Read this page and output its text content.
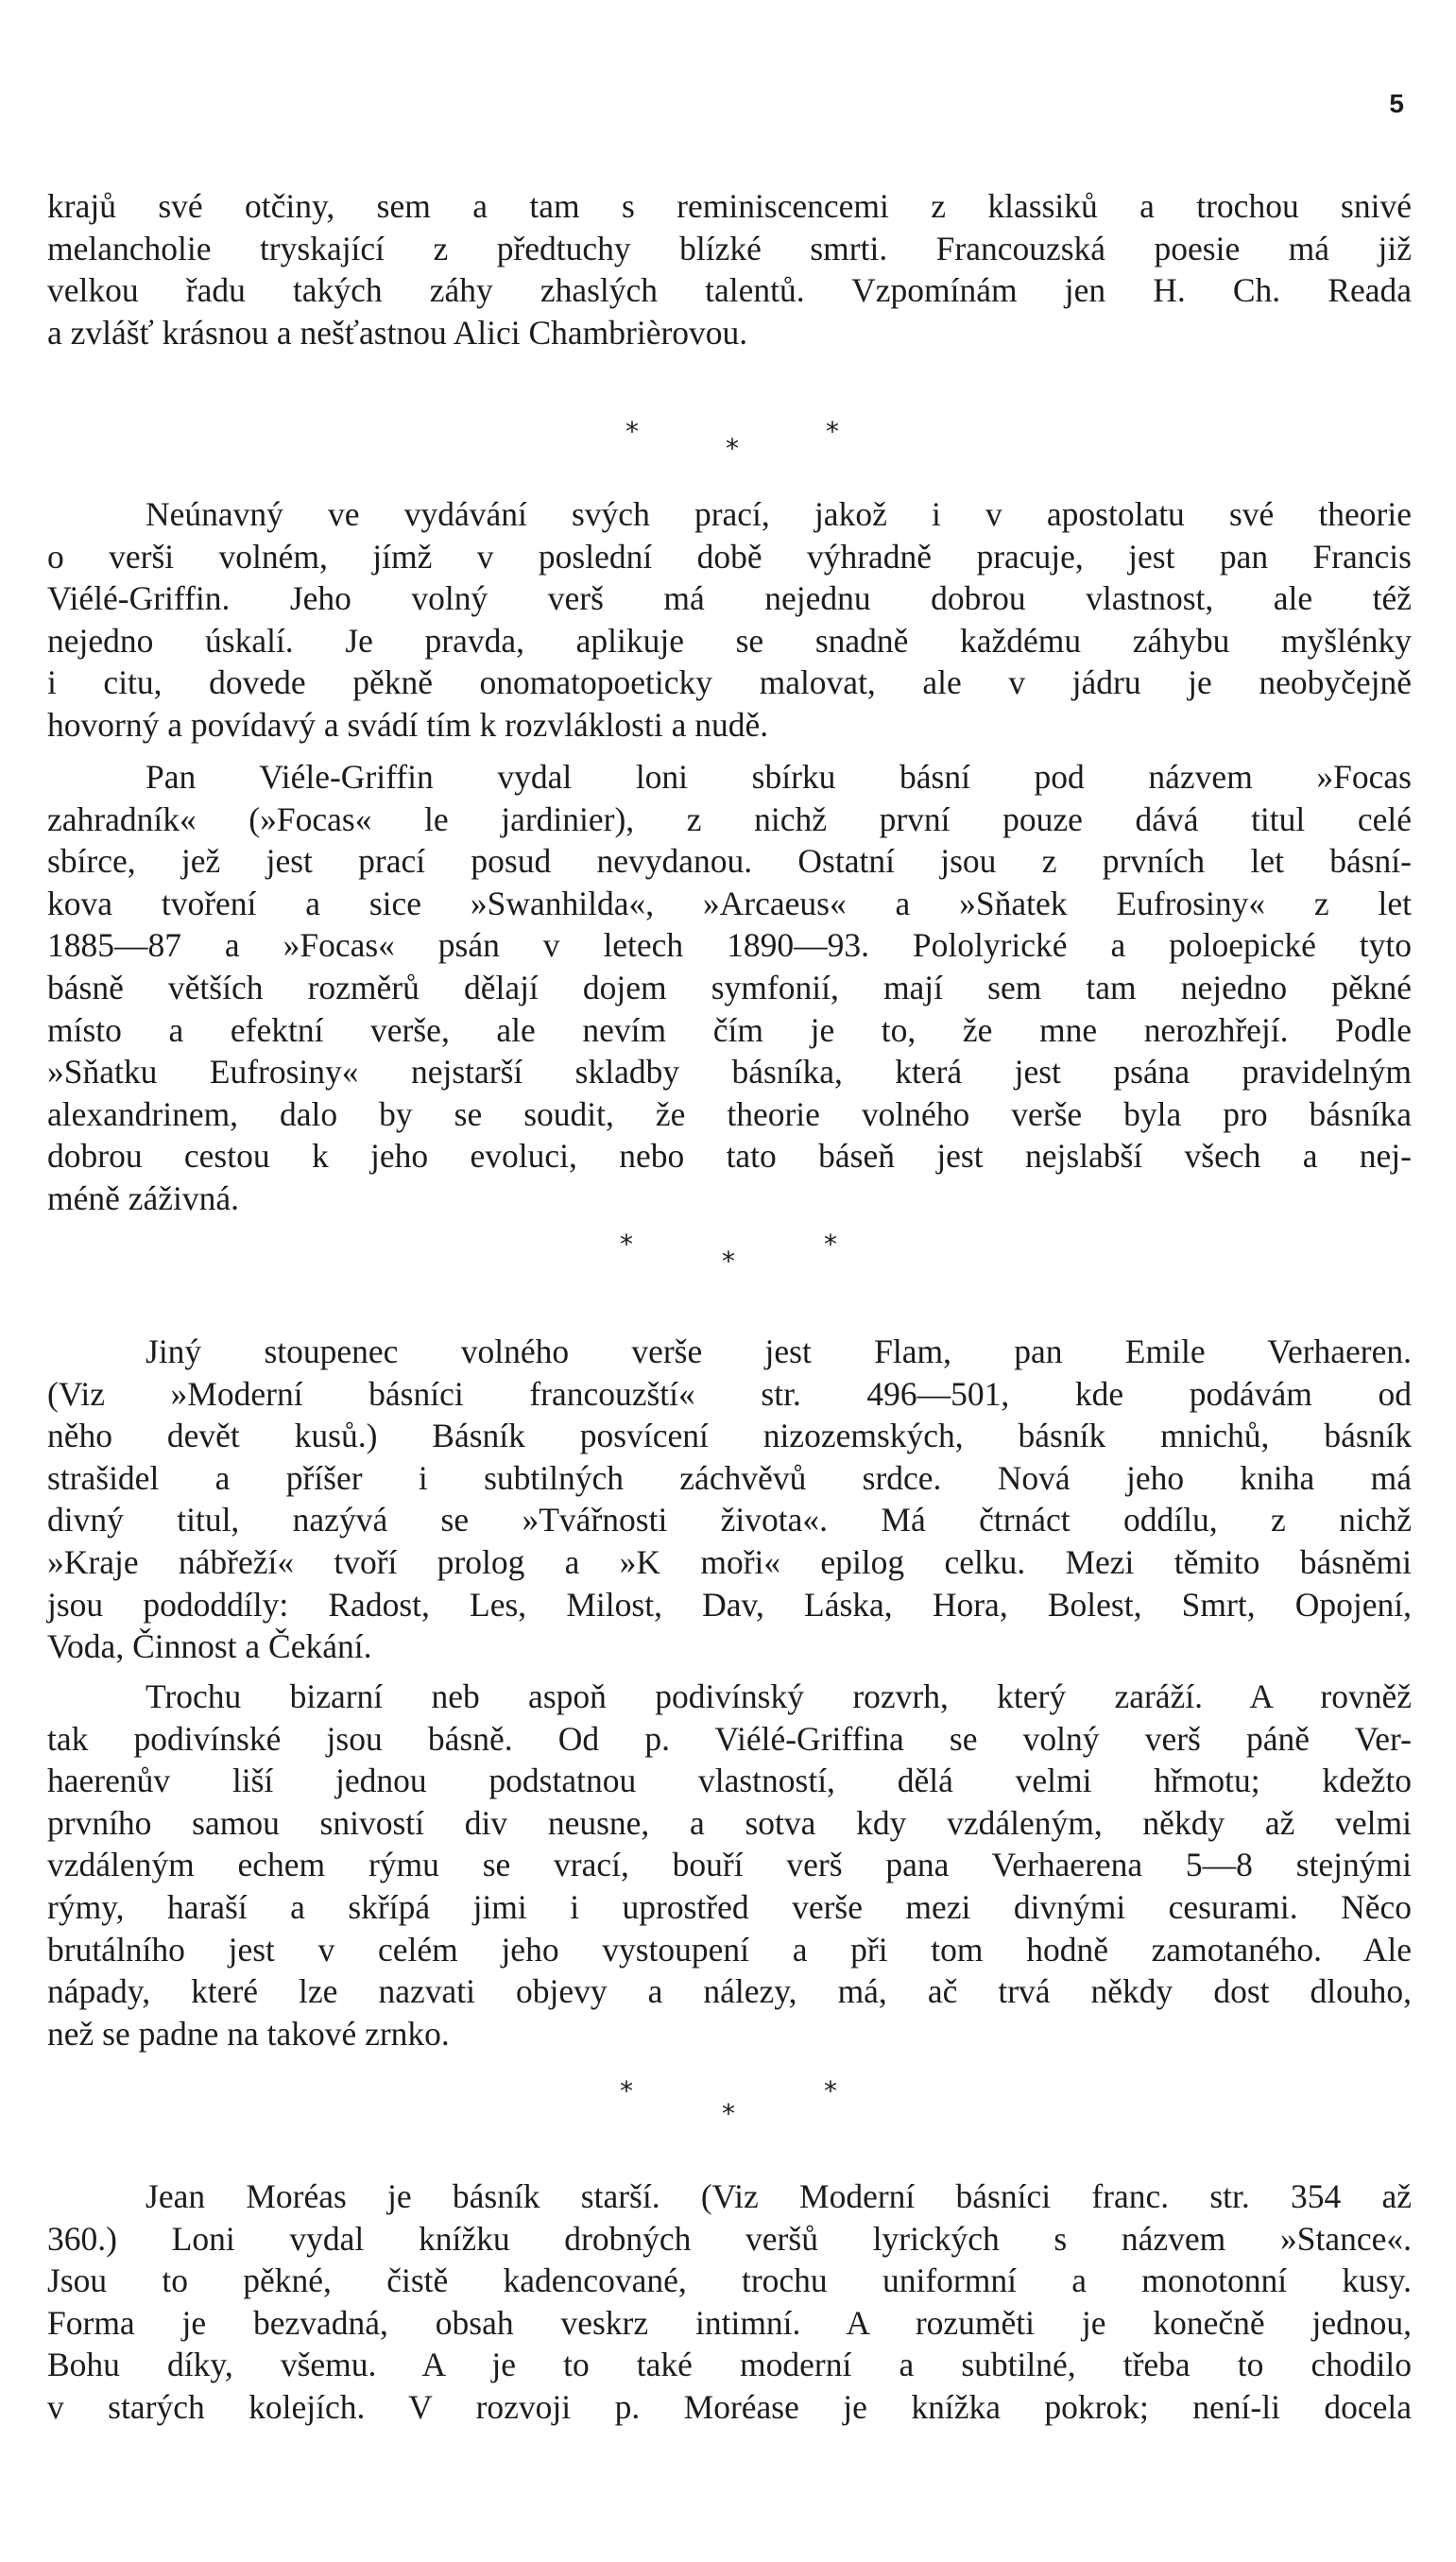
5
krajů své otčiny, sem a tam s reminiscencemi z klassiků a trochou snivé
melancholie tryskající z předtuchy blízké smrti. Francouzská poesie má již
velkou řadu takých záhy zhaslých talentů. Vzpomínám jen H. Ch. Reada
a zvlášť krásnou a nešťastnou Alici Chambrièrovou.
*
*
*
Neúnavný ve vydávání svých prací, jakož i v apostolatu své theorie
o verši volném, jímž v poslední době výhradně pracuje, jest pan Francis
Viélé-Griffin. Jeho volný verš má nejednu dobrou vlastnost, ale též
nejedno úskalí. Je pravda, aplikuje se snadně každému záhybu myšlénky
i citu, dovede pěkně onomatopoeticky malovat, ale v jádru je neobyčejně
hovorný a povídavý a svádí tím k rozvláklosti a nudě.
Pan Viéle-Griffin vydal loni sbírku básní pod názvem »Focas
zahradník« (»Focas« le jardinier), z nichž první pouze dává titul celé
sbírce, jež jest prací posud nevydanou. Ostatní jsou z prvních let básní-
kova tvoření a sice »Swanhilda«, »Arcaeus« a »Sňatek Eufrosiny« z let
1885—87 a »Focas« psán v letech 1890—93. Pololyrické a poloepické tyto
básně větších rozměrů dělají dojem symfonií, mají sem tam nejedno pěkné
místo a efektní verše, ale nevím čím je to, že mne nerozhřejí. Podle
»Sňatku Eufrosiny« nejstarší skladby básníka, která jest psána pravidelným
alexandrinem, dalo by se soudit, že theorie volného verše byla pro básníka
dobrou cestou k jeho evoluci, nebo tato báseň jest nejslabší všech a nej-
méně záživná.
*
*
*
Jiný stoupenec volného verše jest Flam, pan Emile Verhaeren.
(Viz »Moderní básníci francouzští« str. 496—501, kde podávám od
něho devět kusů.) Básník posvícení nizozemských, básník mnichů, básník
strašidel a příšer i subtilných záchvěvů srdce. Nová jeho kniha má
divný titul, nazývá se »Tvářnosti života«. Má čtrnáct oddílu, z nichž
»Kraje nábřeží« tvoří prolog a »K moři« epilog celku. Mezi těmito básněmi
jsou pododdíly: Radost, Les, Milost, Dav, Láska, Hora, Bolest, Smrt, Opojení,
Voda, Činnost a Čekání.
Trochu bizarní neb aspoň podivínský rozvrh, který zaráží. A rovněž
tak podivínské jsou básně. Od p. Viélé-Griffina se volný verš páně Ver-
haerenův liší jednou podstatnou vlastností, dělá velmi hřmotu; kdežto
prvního samou snivostí div neusne, a sotva kdy vzdáleným, někdy až velmi
vzdáleným echem rýmu se vrací, bouří verš pana Verhaerena 5—8 stejnými
rýmy, haraší a skřípá jimi i uprostřed verše mezi divnými cesurami. Něco
brutálního jest v celém jeho vystoupení a při tom hodně zamotaného. Ale
nápady, které lze nazvati objevy a nálezy, má, ač trvá někdy dost dlouho,
než se padne na takové zrnko.
*	*
*
Jean Moréas je básník starší. (Viz Moderní básníci franc. str. 354 až
360.) Loni vydal knížku drobných veršů lyrických s názvem »Stance«.
Jsou to pěkné, čistě kadencované, trochu uniformní a monotonní kusy.
Forma je bezvadná, obsah veskrz intimní. A rozuměti je konečně jednou,
Bohu díky, všemu. A je to také moderní a subtilné, třeba to chodilo
v starých kolejích. V rozvoji p. Moréase je knížka pokrok; není-li docela
